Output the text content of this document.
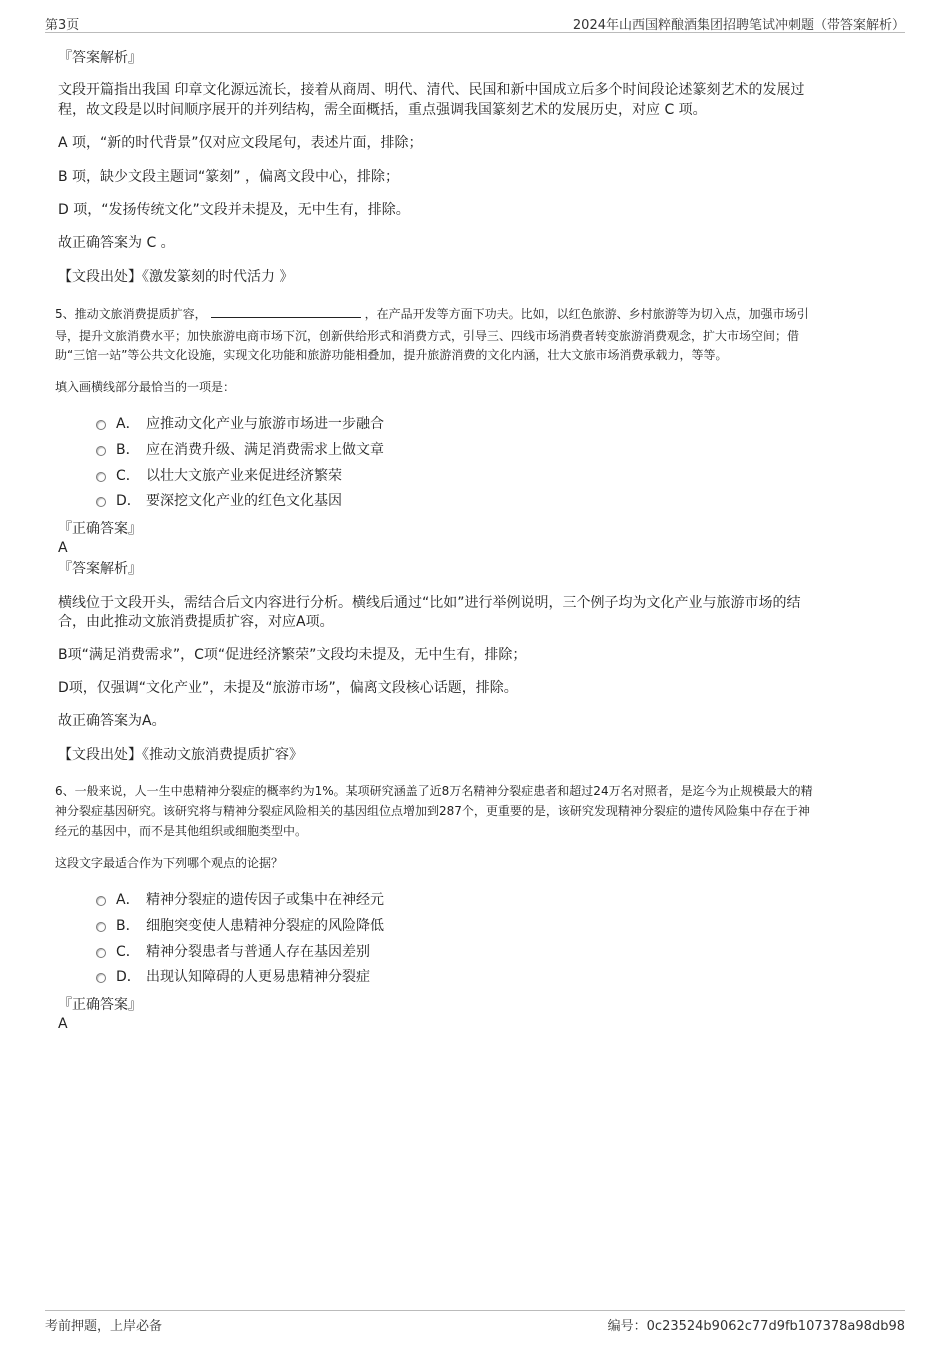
第3页	2024年山西国粹酿酒集团招聘笔试冲刺题（带答案解析）
『答案解析』
文段开篇指出我国 印章文化源远流长，接着从商周、明代、清代、民国和新中国成立后多个时间段论述篆刻艺术的发展过
程，故文段是以时间顺序展开的并列结构，需全面概括，重点强调我国篆刻艺术的发展历史，对应 C 项。
A 项，“新的时代背景”仅对应文段尾句，表述片面，排除；
B 项，缺少文段主题词“篆刻” ，偏离文段中心，排除；
D 项，“发扬传统文化”文段并未提及，无中生有，排除。
故正确答案为 C 。
【文段出处】《激发篆刻的时代活力 》
5、推动文旅消费提质扩容，	，在产品开发等方面下功夫。比如，以红色旅游、乡村旅游等为切入点，加强市场引
导，提升文旅消费水平；加快旅游电商市场下沉，创新供给形式和消费方式，引导三、四线市场消费者转变旅游消费观念，扩大市场空间；借
助“三馆一站”等公共文化设施，实现文化功能和旅游功能相叠加，提升旅游消费的文化内涵，壮大文旅市场消费承载力，等等。
填入画横线部分最恰当的一项是：
A． 应推动文化产业与旅游市场进一步融合
B． 应在消费升级、满足消费需求上做文章
C． 以壮大文旅产业来促进经济繁荣
D． 要深挖文化产业的红色文化基因
『正确答案』
A
『答案解析』
横线位于文段开头，需结合后文内容进行分析。横线后通过“比如”进行举例说明，三个例子均为文化产业与旅游市场的结
合，由此推动文旅消费提质扩容，对应A项。
B项“满足消费需求”，C项“促进经济繁荣”文段均未提及，无中生有，排除；
D项，仅强调“文化产业”，未提及“旅游市场”，偏离文段核心话题，排除。
故正确答案为A。
【文段出处】《推动文旅消费提质扩容》
6、一般来说，人一生中患精神分裂症的概率约为1%。某项研究涵盖了近8万名精神分裂症患者和超过24万名对照者，是迄今为止规模最大的精
神分裂症基因研究。该研究将与精神分裂症风险相关的基因组位点增加到287个，更重要的是，该研究发现精神分裂症的遗传风险集中存在于神
经元的基因中，而不是其他组织或细胞类型中。
这段文字最适合作为下列哪个观点的论据？
A． 精神分裂症的遗传因子或集中在神经元
B． 细胞突变使人患精神分裂症的风险降低
C． 精神分裂患者与普通人存在基因差别
D． 出现认知障碍的人更易患精神分裂症
『正确答案』
A
考前押题，上岸必备	编号：0c23524b9062c77d9fb107378a98db98
